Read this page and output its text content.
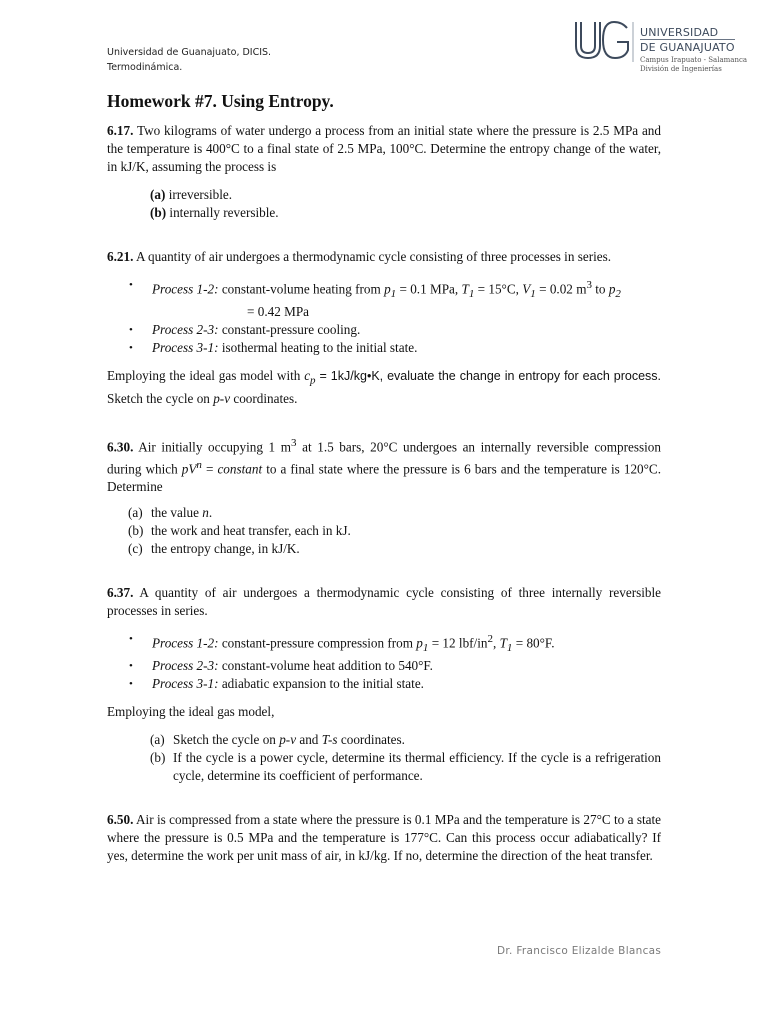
Universidad de Guanajuato, DICIS.
Termodinámica.
UNIVERSIDAD
DE GUANAJUATO
Campus Irapuato - Salamanca
División de Ingenierías
Homework #7. Using Entropy.

6.17. Two kilograms of water undergo a process from an initial state where the pressure is 2.5 MPa and the temperature is 400°C to a final state of 2.5 MPa, 100°C. Determine the entropy change of the water, in kJ/K, assuming the process is

(a) irreversible.
(b) internally reversible.

6.21. A quantity of air undergoes a thermodynamic cycle consisting of three processes in series.

•	Process 1-2: constant-volume heating from $p_1 = 0.1$ MPa, $T_1 = 15^\circ C$, $V_1 = 0.02$ $m^3$ to $p_2$
= 0.42 MPa
•	Process 2-3: constant-pressure cooling.
•	Process 3-1: isothermal heating to the initial state.

Employing the ideal gas model with $c_p$ = 1kJ/kg•K, evaluate the change in entropy for each process. Sketch the cycle on p-v coordinates.

6.30. Air initially occupying 1 $m^3$ at 1.5 bars, 20°C undergoes an internally reversible compression during which $pV^n$ = constant to a final state where the pressure is 6 bars and the temperature is 120°C. Determine

(a) the value n.
(b) the work and heat transfer, each in kJ.
(c) the entropy change, in kJ/K.

6.37. A quantity of air undergoes a thermodynamic cycle consisting of three internally reversible processes in series.

•	Process 1-2: constant-pressure compression from $p_1 = 12$ lbf/$in^2$, $T_1 = 80^\circ F$.
•	Process 2-3: constant-volume heat addition to 540°F.
•	Process 3-1: adiabatic expansion to the initial state.

Employing the ideal gas model,

(a) Sketch the cycle on p-v and T-s coordinates.
(b) If the cycle is a power cycle, determine its thermal efficiency. If the cycle is a refrigeration cycle, determine its coefficient of performance.

6.50. Air is compressed from a state where the pressure is 0.1 MPa and the temperature is 27°C to a state where the pressure is 0.5 MPa and the temperature is 177°C. Can this process occur adiabatically? If yes, determine the work per unit mass of air, in kJ/kg. If no, determine the direction of the heat transfer.

Dr. Francisco Elizalde Blancas
